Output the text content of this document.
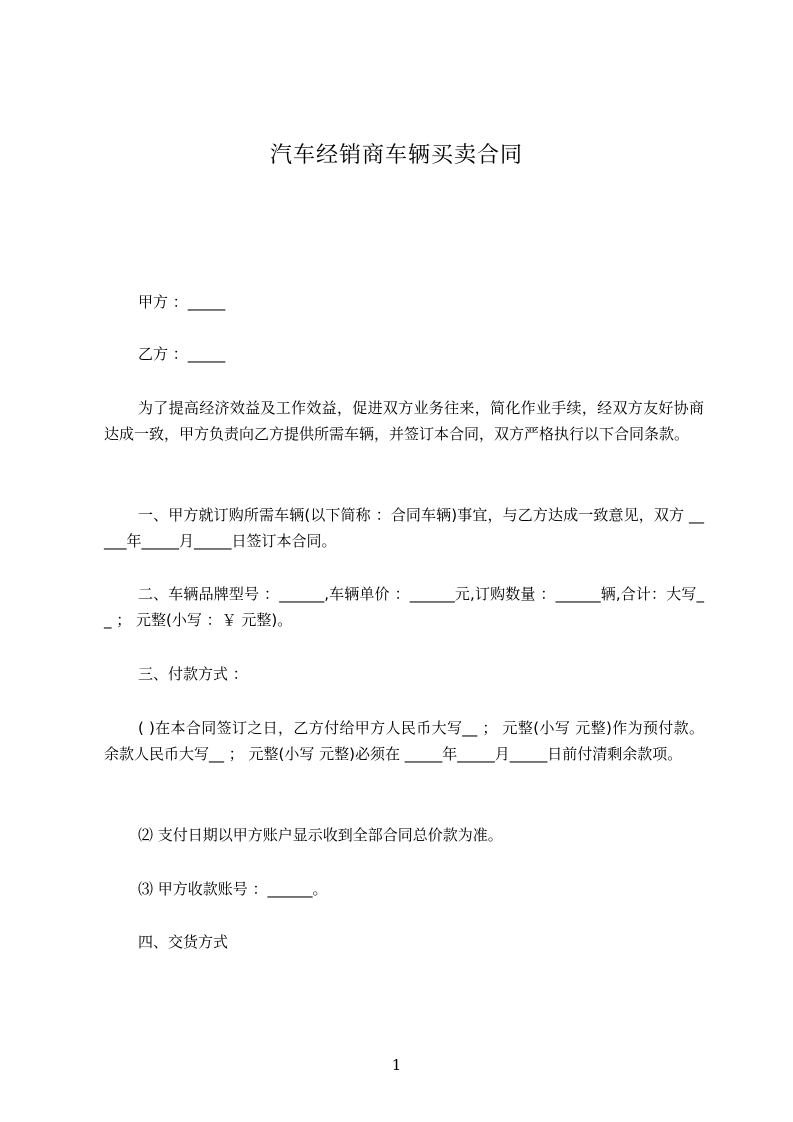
汽车经销商车辆买卖合同
甲方 ：_____
乙方 ：_____
为了提高经济效益及工作效益，促进双方业务往来，简化作业手续，经双方友好协商达成一致，甲方负责向乙方提供所需车辆，并签订本合同，双方严格执行以下合同条款。
一、甲方就订购所需车辆(以下简称 ：合同车辆)事宜，与乙方达成一致意见，双方 _____年_____月_____日签订本合同。
二、车辆品牌型号 ：______,车辆单价 ：______元,订购数量 ：______辆,合计：大写__ ； 元整(小写 ：￥ 元整)。
三、付款方式 ：
( )在本合同签订之日，乙方付给甲方人民币大写__ ； 元整(小写 元整)作为预付款。余款人民币大写__ ； 元整(小写 元整)必须在 _____年_____月_____日前付清剩余款项。
⑵ 支付日期以甲方账户显示收到全部合同总价款为准。
⑶ 甲方收款账号 ：______。
四、交货方式
1
